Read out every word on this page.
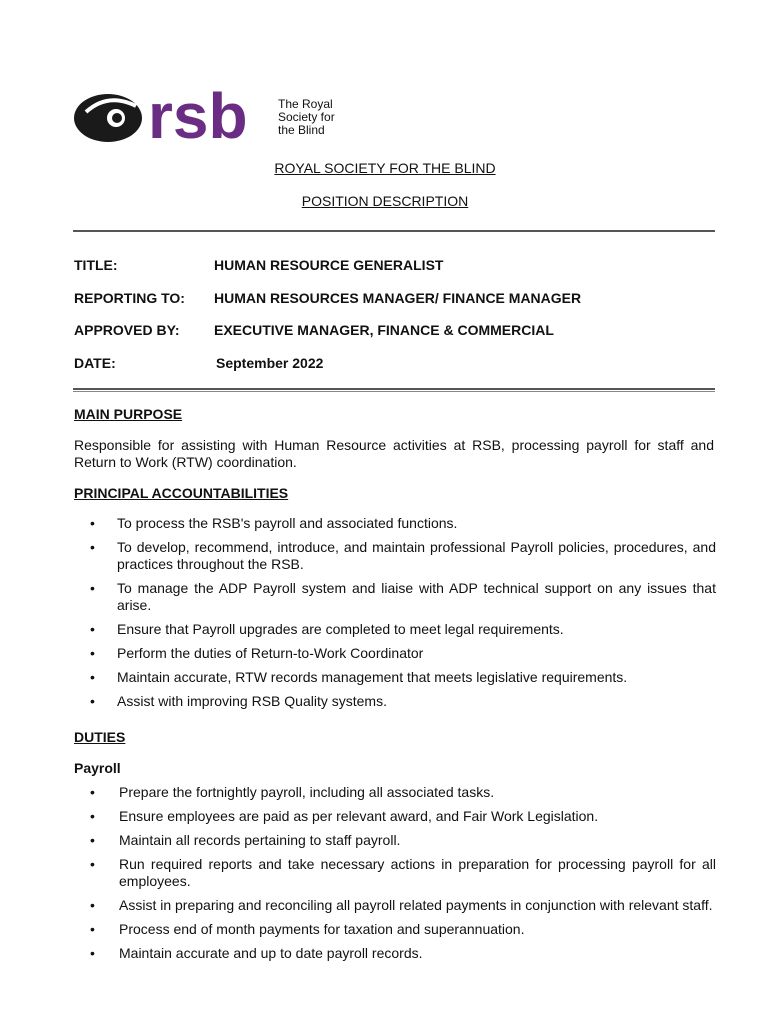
rsb	The Royal
Society for
the Blind
ROYAL SOCIETY FOR THE BLIND
POSITION DESCRIPTION
TITLE:	HUMAN RESOURCE GENERALIST
REPORTING TO: HUMAN RESOURCES MANAGER/ FINANCE MANAGER
APPROVED BY: EXECUTIVE MANAGER, FINANCE & COMMERCIAL
DATE:	September 2022
MAIN PURPOSE
Responsible for assisting with Human Resource activities at RSB, processing payroll for staff and Return to Work (RTW) coordination.
PRINCIPAL ACCOUNTABILITIES
• To process the RSB's payroll and associated functions.
• To develop, recommend, introduce, and maintain professional Payroll policies, procedures, and practices throughout the RSB.
• To manage the ADP Payroll system and liaise with ADP technical support on any issues that arise.
• Ensure that Payroll upgrades are completed to meet legal requirements.
• Perform the duties of Return-to-Work Coordinator
• Maintain accurate, RTW records management that meets legislative requirements.
• Assist with improving RSB Quality systems.
DUTIES
Payroll
• Prepare the fortnightly payroll, including all associated tasks.
• Ensure employees are paid as per relevant award, and Fair Work Legislation.
• Maintain all records pertaining to staff payroll.
• Run required reports and take necessary actions in preparation for processing payroll for all employees.
• Assist in preparing and reconciling all payroll related payments in conjunction with relevant staff.
• Process end of month payments for taxation and superannuation.
• Maintain accurate and up to date payroll records.
